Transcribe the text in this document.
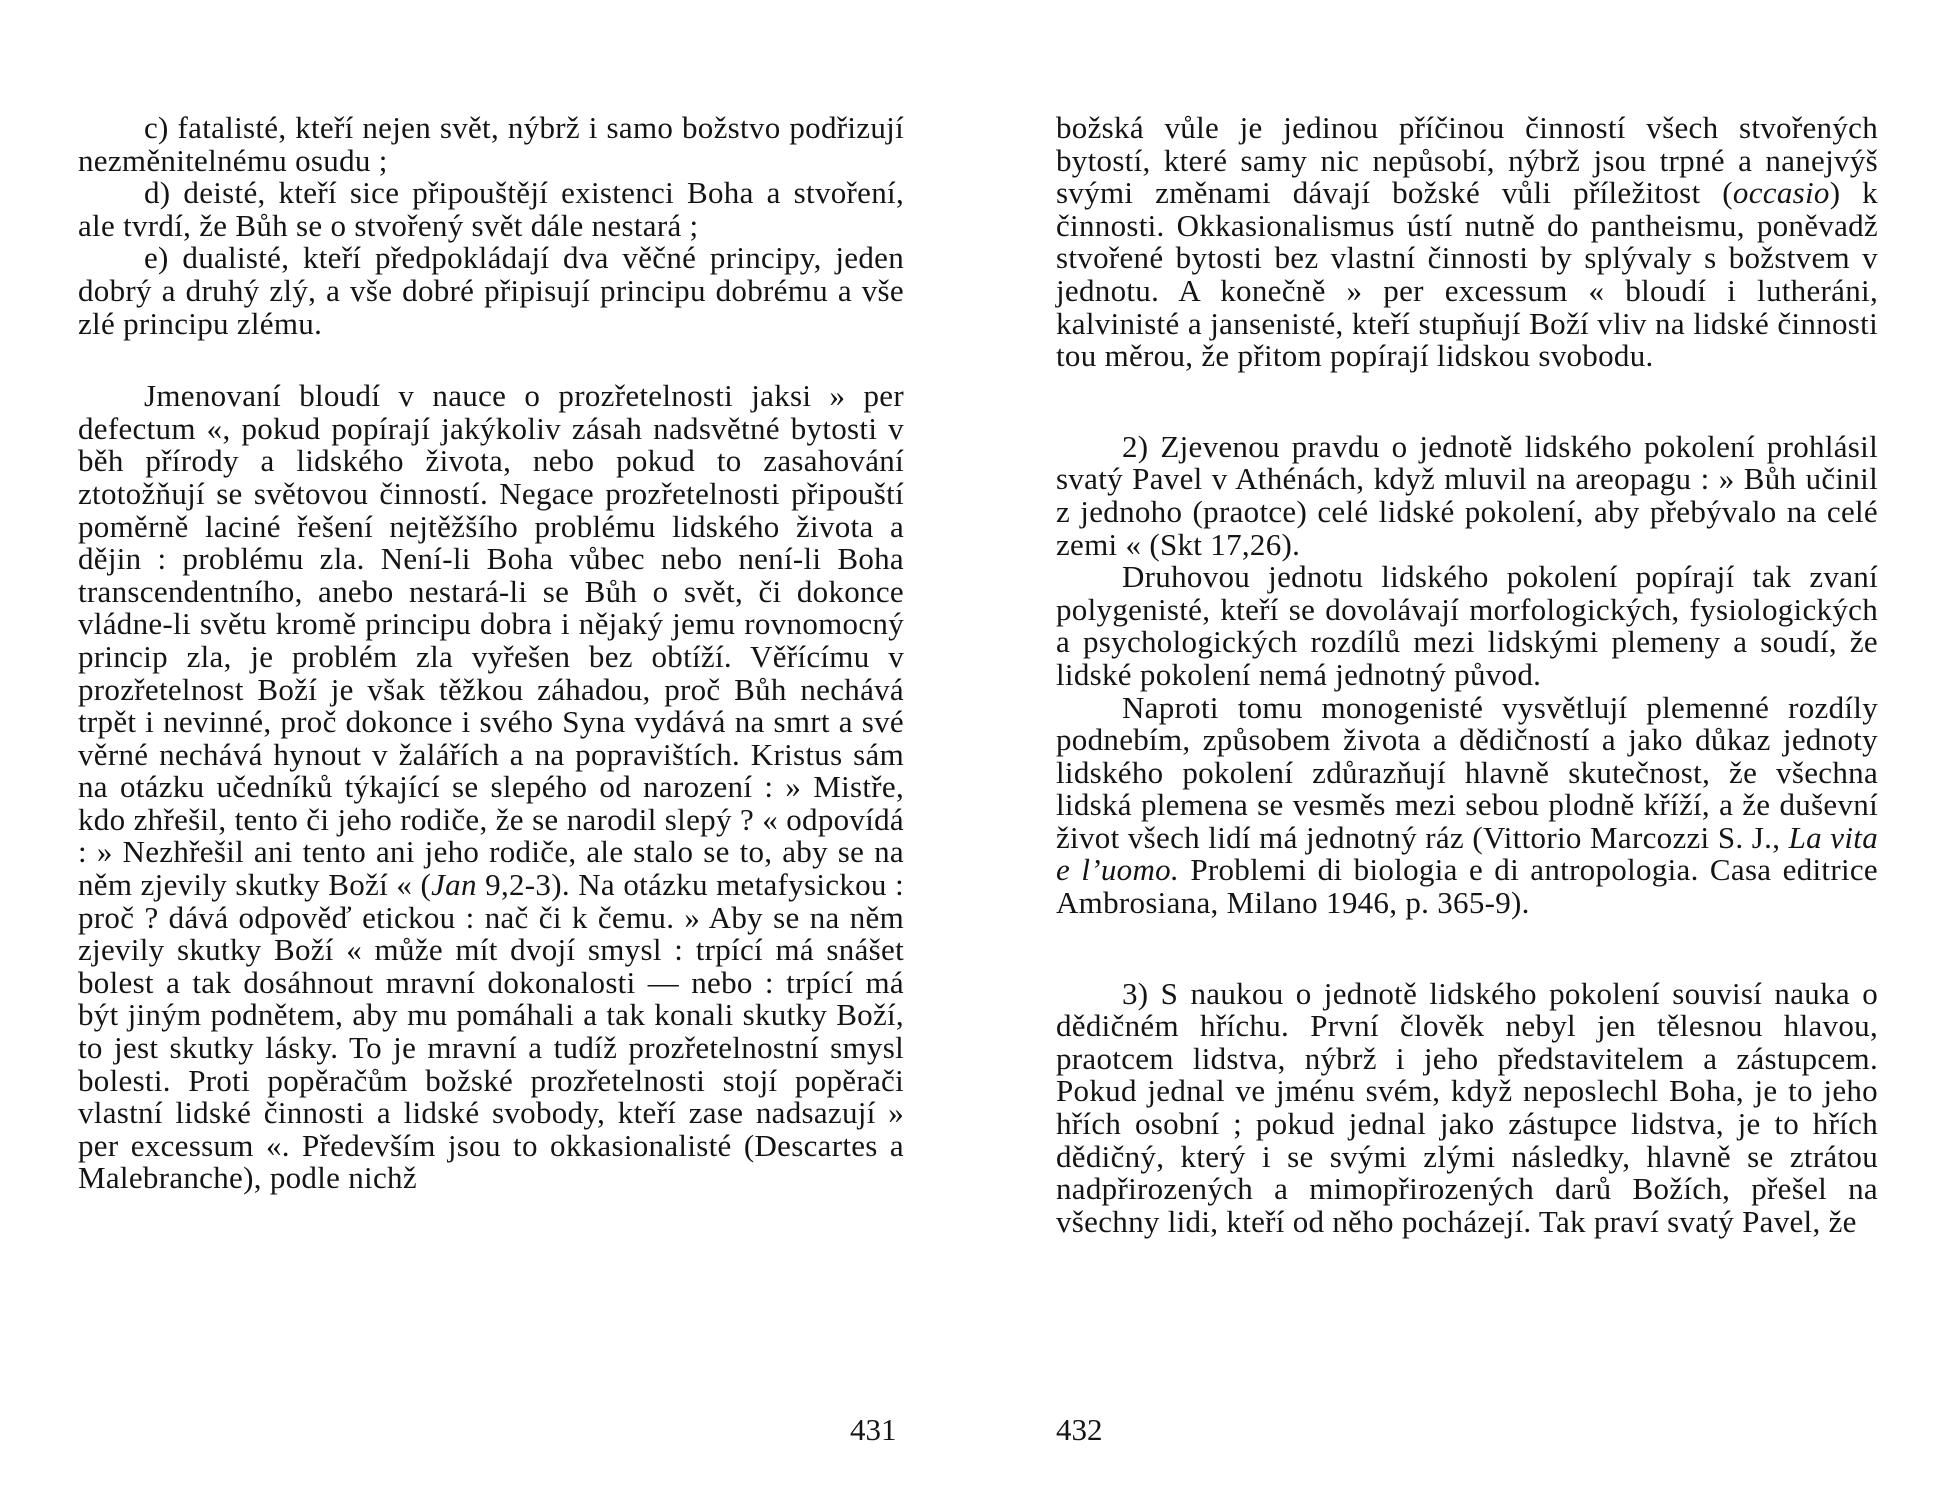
c) fatalisté, kteří nejen svět, nýbrž i samo božstvo podřizují nezměnitelnému osudu ;

d) deisté, kteří sice připouštějí existenci Boha a stvoření, ale tvrdí, že Bůh se o stvořený svět dále nestará ;

e) dualisté, kteří předpokládají dva věčné principy, jeden dobrý a druhý zlý, a vše dobré připisují principu dobrému a vše zlé principu zlému.

Jmenovaní bloudí v nauce o prozřetelnosti jaksi » per defectum «, pokud popírají jakýkoliv zásah nadsvětné bytosti v běh přírody a lidského života, nebo pokud to zasahování ztotožňují se světovou činností. Negace prozřetelnosti připouští poměrně laciné řešení nejtěžšího problému lidského života a dějin : problému zla. Není-li Boha vůbec nebo není-li Boha transcendentního, anebo nestará-li se Bůh o svět, či dokonce vládne-li světu kromě principu dobra i nějaký jemu rovnomocný princip zla, je problém zla vyřešen bez obtíží. Věřícímu v prozřetelnost Boží je však těžkou záhadou, proč Bůh nechává trpět i nevinné, proč dokonce i svého Syna vydává na smrt a své věrné nechává hynout v žalářích a na popravištích. Kristus sám na otázku učedníků týkající se slepého od narození : » Mistře, kdo zhřešil, tento či jeho rodiče, že se narodil slepý ? « odpovídá : » Nezhřešil ani tento ani jeho rodiče, ale stalo se to, aby se na něm zjevily skutky Boží « (Jan 9,2-3). Na otázku metafysickou : proč ? dává odpověď etickou : nač či k čemu. » Aby se na něm zjevily skutky Boží « může mít dvojí smysl : trpící má snášet bolest a tak dosáhnout mravní dokonalosti — nebo : trpící má být jiným podnětem, aby mu pomáhali a tak konali skutky Boží, to jest skutky lásky. To je mravní a tudíž prozřetelnostní smysl bolesti. Proti popěračům božské prozřetelnosti stojí popěrači vlastní lidské činnosti a lidské svobody, kteří zase nadsazují » per excessum «. Především jsou to okkasionalisté (Descartes a Malebranche), podle nichž

božská vůle je jedinou příčinou činností všech stvořených bytostí, které samy nic nepůsobí, nýbrž jsou trpné a nanejvýš svými změnami dávají božské vůli příležitost (occasio) k činnosti. Okkasionalismus ústí nutně do pantheismu, poněvadž stvořené bytosti bez vlastní činnosti by splývaly s božstvem v jednotu. A konečně » per excessum « bloudí i lutheráni, kalvinisté a jansenisté, kteří stupňují Boží vliv na lidské činnosti tou měrou, že přitom popírají lidskou svobodu.

2) Zjevenou pravdu o jednotě lidského pokolení prohlásil svatý Pavel v Athénách, když mluvil na areopagu : » Bůh učinil z jednoho (praotce) celé lidské pokolení, aby přebývalo na celé zemi « (Skt 17,26).

Druhovou jednotu lidského pokolení popírají tak zvaní polygenisté, kteří se dovolávají morfologických, fysiologických a psychologických rozdílů mezi lidskými plemeny a soudí, že lidské pokolení nemá jednotný původ.

Naproti tomu monogenisté vysvětlují plemenné rozdíly podnebím, způsobem života a dědičností a jako důkaz jednoty lidského pokolení zdůrazňují hlavně skutečnost, že všechna lidská plemena se vesměs mezi sebou plodně kříží, a že duševní život všech lidí má jednotný ráz (Vittorio Marcozzi S. J., La vita e l’uomo. Problemi di biologia e di antropologia. Casa editrice Ambrosiana, Milano 1946, p. 365-9).

3) S naukou o jednotě lidského pokolení souvisí nauka o dědičném hříchu. První člověk nebyl jen tělesnou hlavou, praotcem lidstva, nýbrž i jeho představitelem a zástupcem. Pokud jednal ve jménu svém, když neposlechl Boha, je to jeho hřích osobní ; pokud jednal jako zástupce lidstva, je to hřích dědičný, který i se svými zlými následky, hlavně se ztrátou nadpřirozených a mimopřirozených darů Božích, přešel na všechny lidi, kteří od něho pocházejí. Tak praví svatý Pavel, že

431	432
